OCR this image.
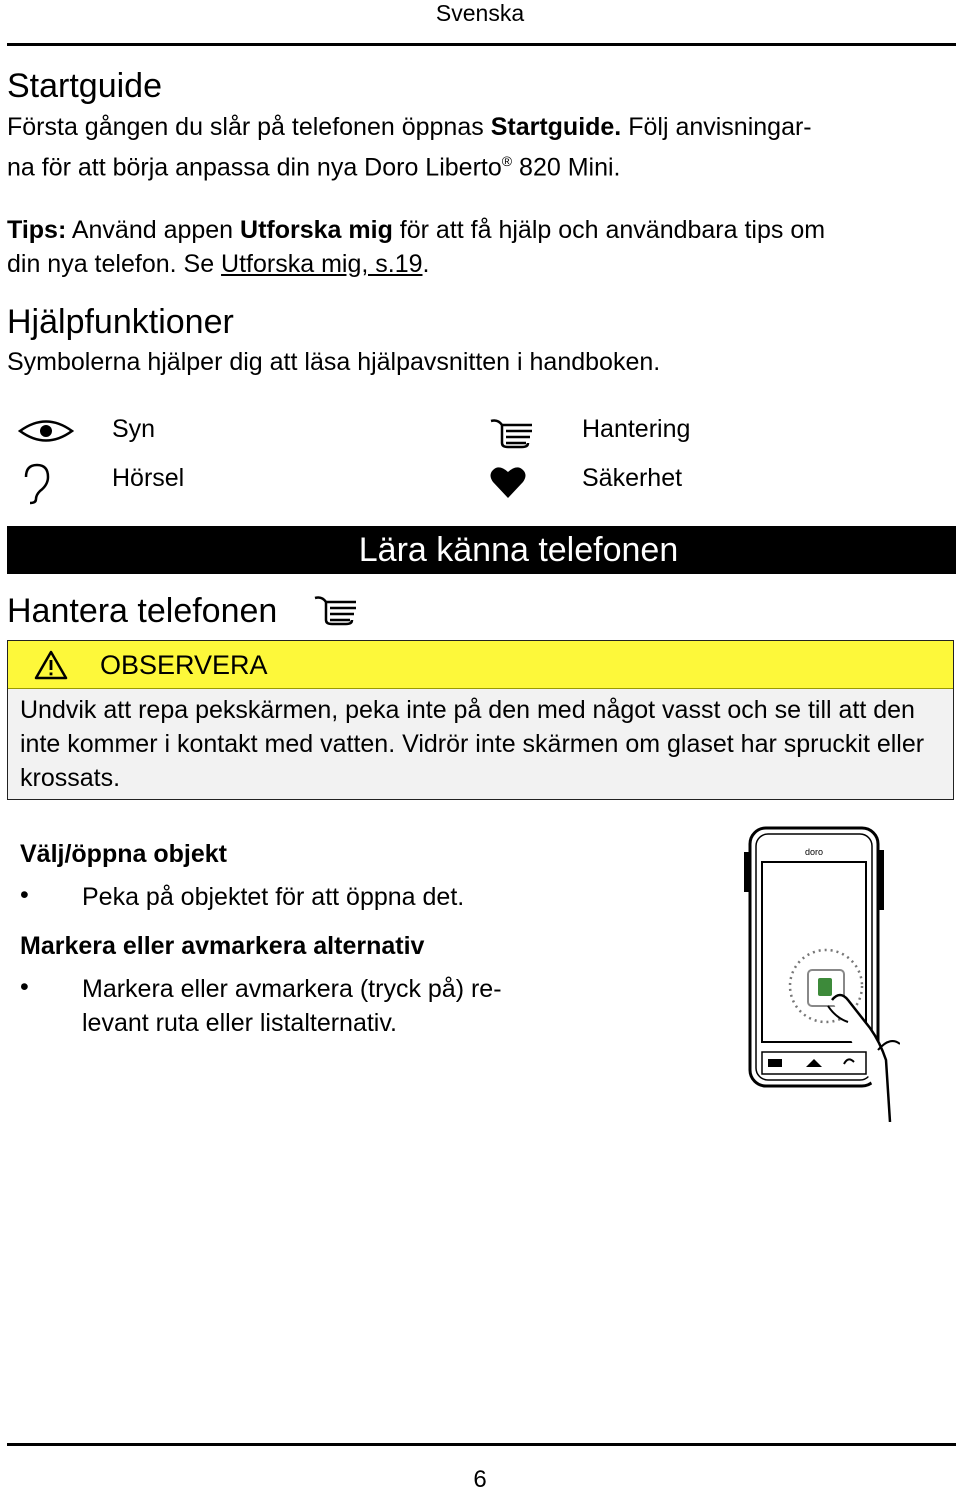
Svenska
Startguide
Första gången du slår på telefonen öppnas Startguide. Följ anvisningar-
na för att börja anpassa din nya Doro Liberto® 820 Mini.
Tips: Använd appen Utforska mig för att få hjälp och användbara tips om
din nya telefon. Se Utforska mig, s.19.
Hjälpfunktioner
Symbolerna hjälper dig att läsa hjälpavsnitten i handboken.
Syn	Hantering
Hörsel	Säkerhet
Lära känna telefonen
Hantera telefonen
OBSERVERA
Undvik att repa pekskärmen, peka inte på den med något vasst och se till att den inte kommer i kontakt med vatten. Vidrör inte skärmen om glaset har spruckit eller krossats.
Välj/öppna objekt
• Peka på objektet för att öppna det.
Markera eller avmarkera alternativ
• Markera eller avmarkera (tryck på) re-
levant ruta eller listalternativ.
doro
6
